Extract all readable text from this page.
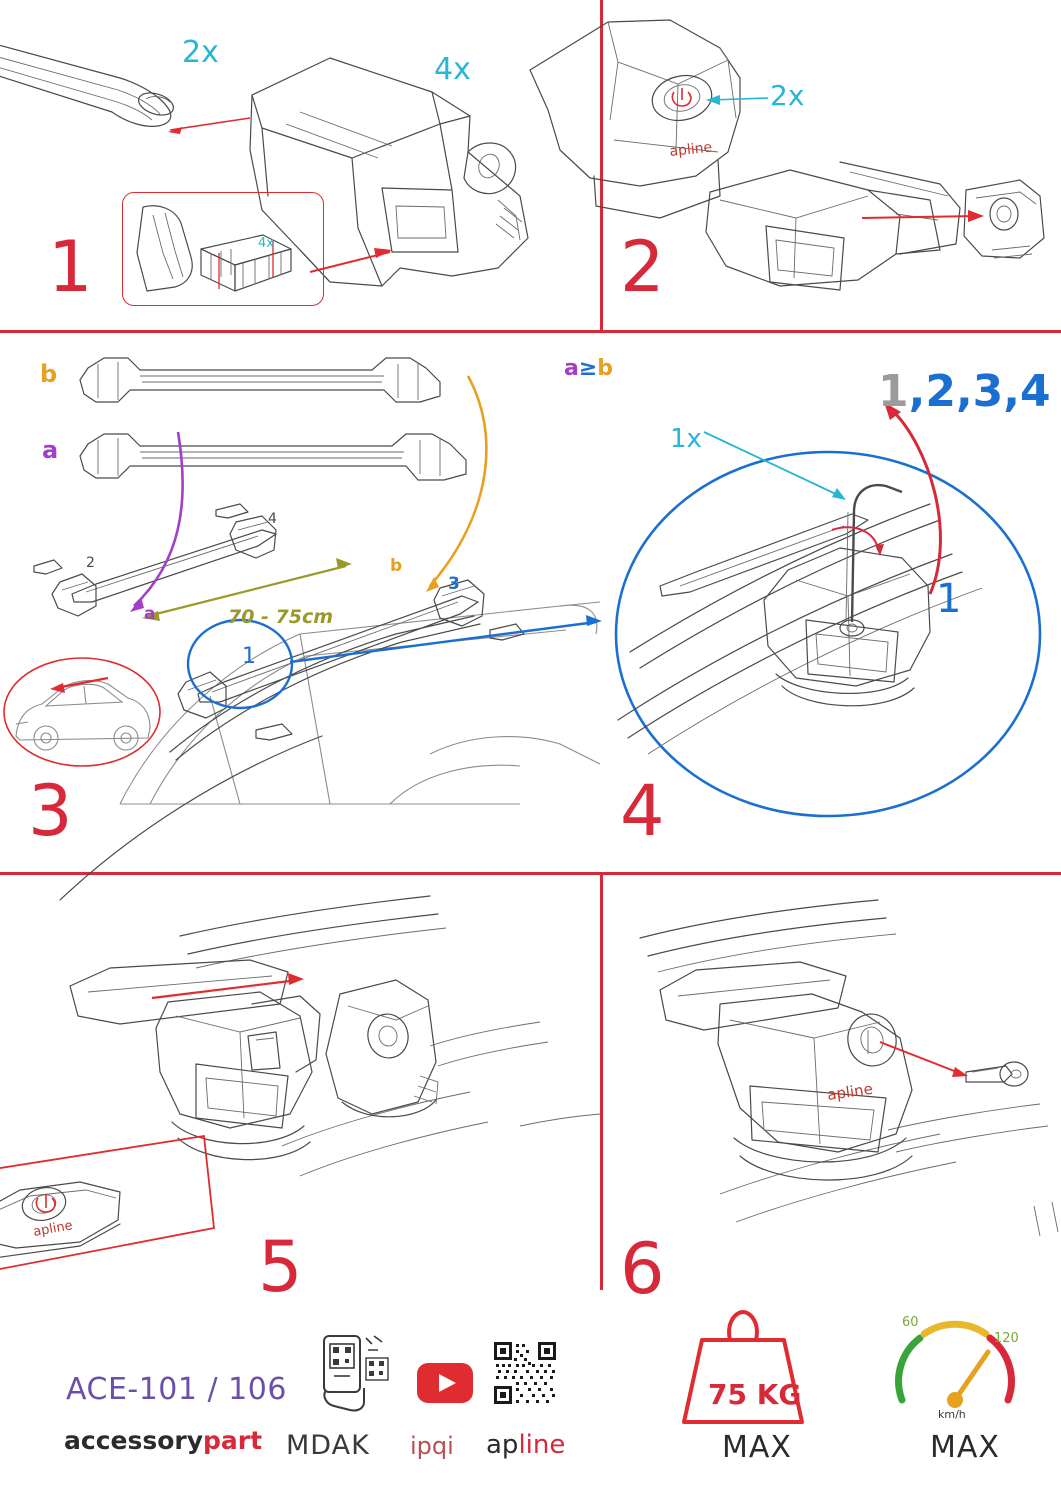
4x
2x	4x
1
apline
2x
2
b
a
a
b
70 - 75cm
1
2
3
4
3
a≥b
1x
1
1,2,3,4
4
apline	5
apline
6
ACE-101 / 106
accessorypart MDAK ipqi apline
75 KG
MAX
60
120
km/h
MAX
